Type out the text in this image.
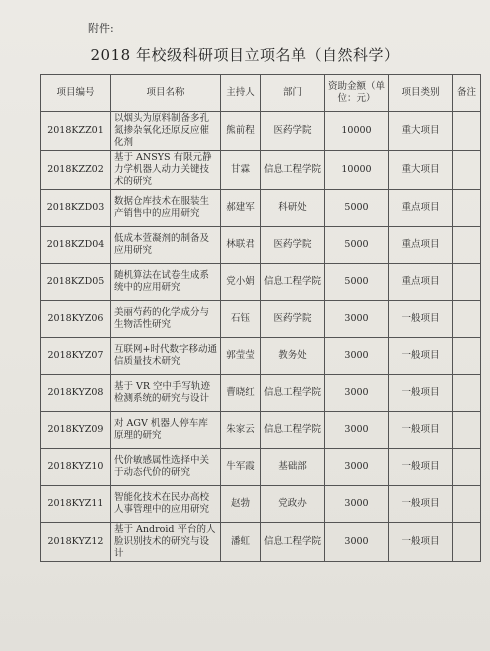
附件:
2018 年校级科研项目立项名单（自然科学）
项目编号	项目名称	主持人	部门	资助金额（单位：元）	项目类别	备注
2018KZZ01	以烟头为原料制备多孔氮掺杂氧化还原反应催化剂	熊前程	医药学院	10000	重大项目	
2018KZZ02	基于 ANSYS 有限元静力学机器人动力关键技术的研究	甘霖	信息工程学院	10000	重大项目	
2018KZD03	数据仓库技术在服装生产销售中的应用研究	郝建军	科研处	5000	重点项目	
2018KZD04	低成本萱凝剂的制备及应用研究	林联君	医药学院	5000	重点项目	
2018KZD05	随机算法在试卷生成系统中的应用研究	党小娟	信息工程学院	5000	重点项目	
2018KYZ06	美丽芍药的化学成分与生物活性研究	石钰	医药学院	3000	一般项目	
2018KYZ07	互联网+时代数字移动通信质量技术研究	郭莹莹	教务处	3000	一般项目	
2018KYZ08	基于 VR 空中手写轨迹检测系统的研究与设计	曹晓红	信息工程学院	3000	一般项目	
2018KYZ09	对 AGV 机器人停车库原理的研究	朱家云	信息工程学院	3000	一般项目	
2018KYZ10	代价敏感属性选择中关于动态代价的研究	牛军霞	基础部	3000	一般项目	
2018KYZ11	智能化技术在民办高校人事管理中的应用研究	赵勃	党政办	3000	一般项目	
2018KYZ12	基于 Android 平台的人脸识别技术的研究与设计	潘虹	信息工程学院	3000	一般项目	
